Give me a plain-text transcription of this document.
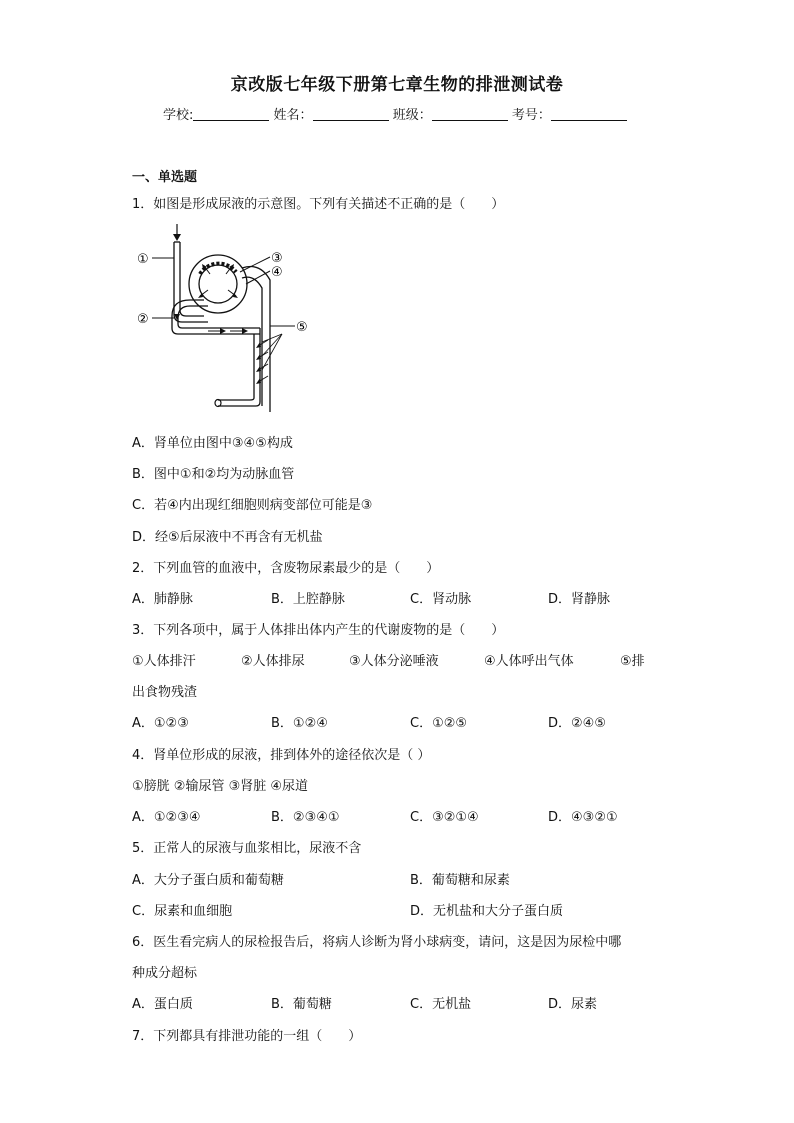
京改版七年级下册第七章生物的排泄测试卷
学校:	姓名：	班级：	考号：
一、单选题
1．如图是形成尿液的示意图。下列有关描述不正确的是（　　）
①
②
③
④
⑤
A．肾单位由图中③④⑤构成
B．图中①和②均为动脉血管
C．若④内出现红细胞则病变部位可能是③
D．经⑤后尿液中不再含有无机盐
2．下列血管的血液中，含废物尿素最少的是（　　）
A．肺静脉	B．上腔静脉	C．肾动脉	D．肾静脉
3．下列各项中，属于人体排出体内产生的代谢废物的是（　　）
①人体排汗	②人体排尿	③人体分泌唾液	④人体呼出气体	⑤排
出食物残渣
A．①②③	B．①②④	C．①②⑤	D．②④⑤
4．肾单位形成的尿液，排到体外的途径依次是（ ）
①膀胱 ②输尿管 ③肾脏 ④尿道
A．①②③④	B．②③④①	C．③②①④	D．④③②①
5．正常人的尿液与血浆相比，尿液不含
A．大分子蛋白质和葡萄糖	B．葡萄糖和尿素
C．尿素和血细胞	D．无机盐和大分子蛋白质
6．医生看完病人的尿检报告后，将病人诊断为肾小球病变，请问，这是因为尿检中哪
种成分超标
A．蛋白质	B．葡萄糖	C．无机盐	D．尿素
7．下列都具有排泄功能的一组（　　）
